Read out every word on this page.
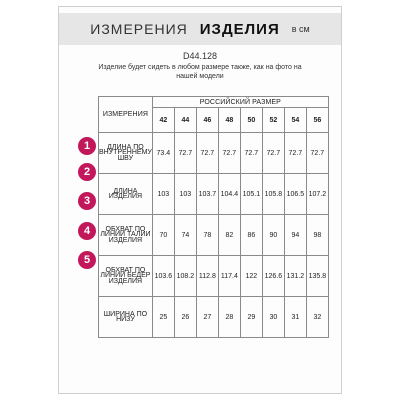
ИЗМЕРЕНИЯ ИЗДЕЛИЯ в см
D44.128
Изделие будет сидеть в любом размере также, как на фото на нашей модели
1
2
3
4
5
ИЗМЕРЕНИЯ	РОССИЙСКИЙ РАЗМЕР							
	42	44	46	48	50	52	54	56
ДЛИНА ПО ВНУТРЕННЕМУ ШВУ	73.4	72.7	72.7	72.7	72.7	72.7	72.7	72.7
ДЛИНА ИЗДЕЛИЯ	103	103	103.7	104.4	105.1	105.8	106.5	107.2
ОБХВАТ ПО ЛИНИИ ТАЛИИ ИЗДЕЛИЯ	70	74	78	82	86	90	94	98
ОБХВАТ ПО ЛИНИИ БЕДЕР ИЗДЕЛИЯ	103.6	108.2	112.8	117.4	122	126.6	131.2	135.8
ШИРИНА ПО НИЗУ	25	26	27	28	29	30	31	32
